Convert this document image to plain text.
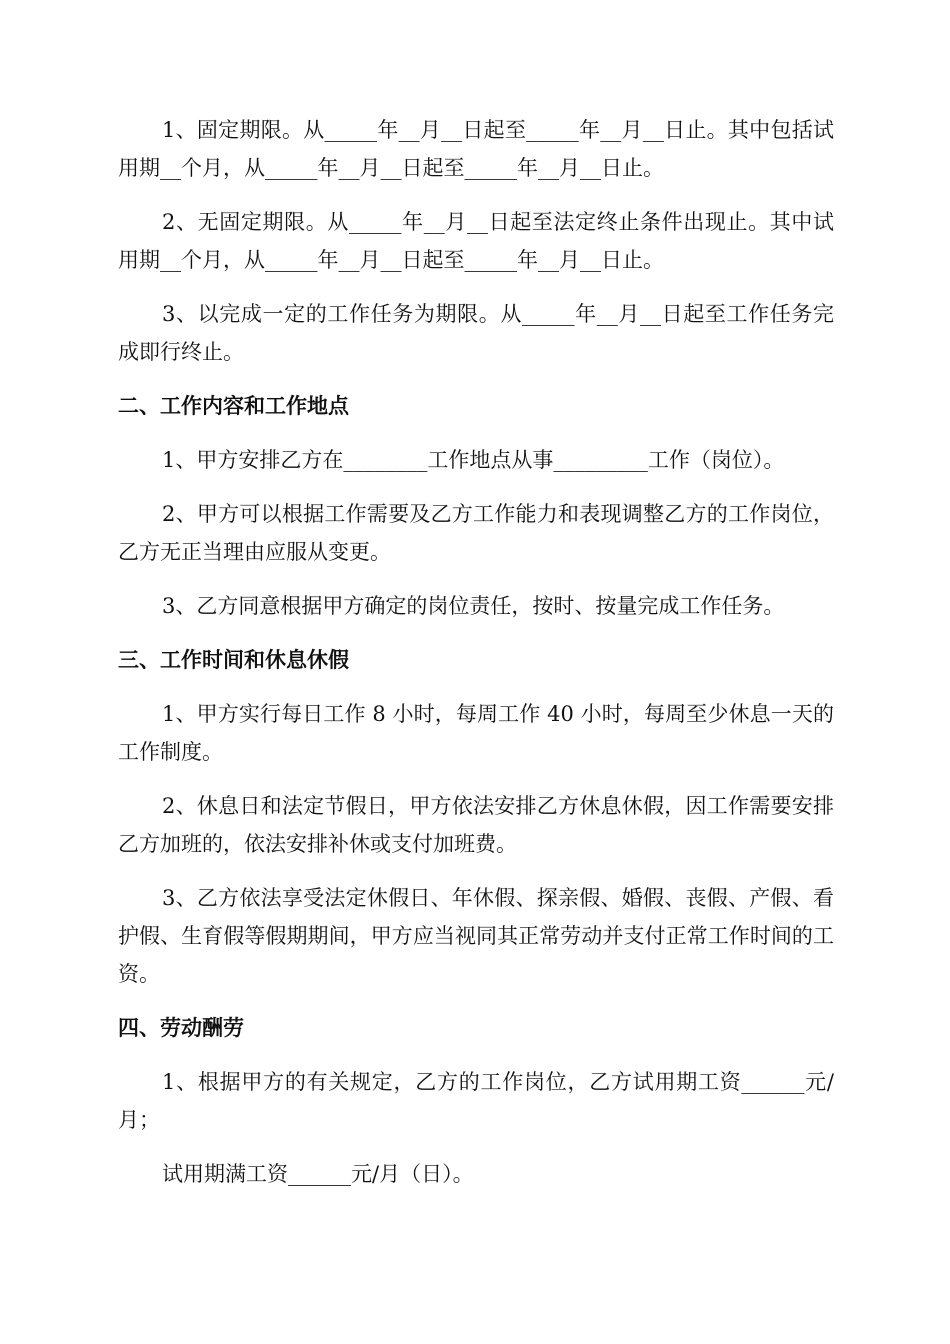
1、固定期限。从_____年__月__日起至_____年__月__日止。其中包括试用期__个月，从_____年__月__日起至_____年__月__日止。

2、无固定期限。从_____年__月__日起至法定终止条件出现止。其中试用期__个月，从_____年__月__日起至_____年__月__日止。

3、以完成一定的工作任务为期限。从_____年__月__日起至工作任务完成即行终止。

二、工作内容和工作地点

1、甲方安排乙方在________工作地点从事_________工作（岗位）。

2、甲方可以根据工作需要及乙方工作能力和表现调整乙方的工作岗位，乙方无正当理由应服从变更。

3、乙方同意根据甲方确定的岗位责任，按时、按量完成工作任务。

三、工作时间和休息休假

1、甲方实行每日工作 8 小时，每周工作 40 小时，每周至少休息一天的工作制度。

2、休息日和法定节假日，甲方依法安排乙方休息休假，因工作需要安排乙方加班的，依法安排补休或支付加班费。

3、乙方依法享受法定休假日、年休假、探亲假、婚假、丧假、产假、看护假、生育假等假期期间，甲方应当视同其正常劳动并支付正常工作时间的工资。

四、劳动酬劳

1、根据甲方的有关规定，乙方的工作岗位，乙方试用期工资______元/月；

试用期满工资______元/月（日）。
